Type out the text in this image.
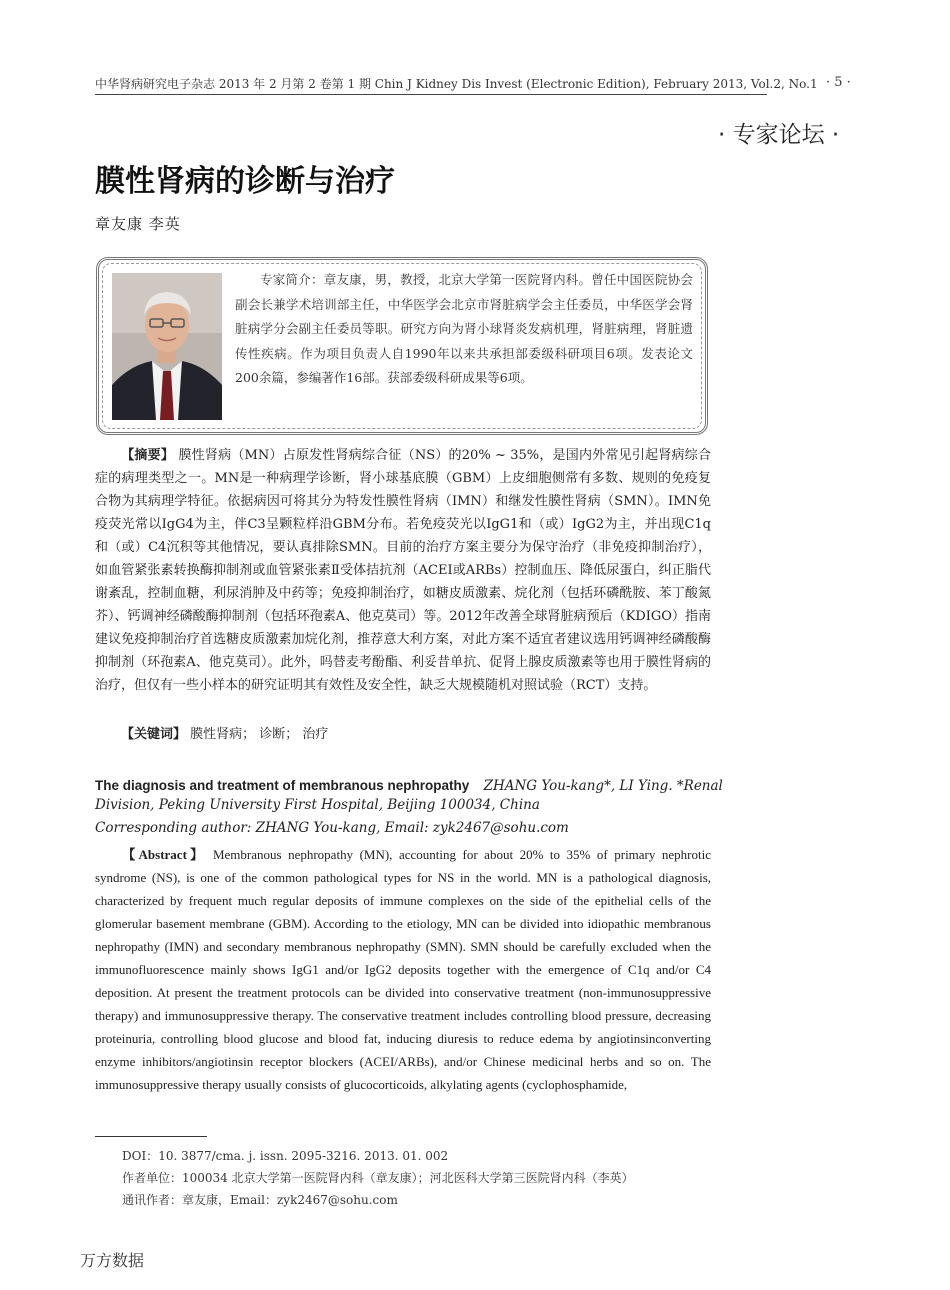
中华肾病研究电子杂志 2013 年 2 月第 2 卷第 1 期 Chin J Kidney Dis Invest (Electronic Edition), February 2013, Vol.2, No.1 · 5 ·
· 专家论坛 ·
膜性肾病的诊断与治疗
章友康 李英
专家简介：章友康，男，教授，北京大学第一医院肾内科。曾任中国医院协会副会长兼学术培训部主任，中华医学会北京市肾脏病学会主任委员，中华医学会肾脏病学分会副主任委员等职。研究方向为肾小球肾炎发病机理，肾脏病理，肾脏遗传性疾病。作为项目负责人自1990年以来共承担部委级科研项目6项。发表论文200余篇，参编著作16部。获部委级科研成果等6项。
【摘要】 膜性肾病（MN）占原发性肾病综合征（NS）的20% ~ 35%，是国内外常见引起肾病综合症的病理类型之一。MN是一种病理学诊断，肾小球基底膜（GBM）上皮细胞侧常有多数、规则的免疫复合物为其病理学特征。依据病因可将其分为特发性膜性肾病（IMN）和继发性膜性肾病（SMN）。IMN免疫荧光常以IgG4为主，伴C3呈颗粒样沿GBM分布。若免疫荧光以IgG1和（或）IgG2为主，并出现C1q和（或）C4沉积等其他情况，要认真排除SMN。目前的治疗方案主要分为保守治疗（非免疫抑制治疗），如血管紧张素转换酶抑制剂或血管紧张素Ⅱ受体拮抗剂（ACEI或ARBs）控制血压、降低尿蛋白，纠正脂代谢紊乱，控制血糖，利尿消肿及中药等；免疫抑制治疗，如糖皮质激素、烷化剂（包括环磷酰胺、苯丁酸氮芥）、钙调神经磷酸酶抑制剂（包括环孢素A、他克莫司）等。2012年改善全球肾脏病预后（KDIGO）指南建议免疫抑制治疗首选糖皮质激素加烷化剂，推荐意大利方案，对此方案不适宜者建议选用钙调神经磷酸酶抑制剂（环孢素A、他克莫司）。此外，吗替麦考酚酯、利妥昔单抗、促肾上腺皮质激素等也用于膜性肾病的治疗，但仅有一些小样本的研究证明其有效性及安全性，缺乏大规模随机对照试验（RCT）支持。
【关键词】 膜性肾病； 诊断； 治疗
The diagnosis and treatment of membranous nephropathy ZHANG You-kang*, LI Ying. *Renal
Division, Peking University First Hospital, Beijing 100034, China
Corresponding author: ZHANG You-kang, Email: zyk2467@sohu.com
【Abstract】 Membranous nephropathy (MN), accounting for about 20% to 35% of primary nephrotic syndrome (NS), is one of the common pathological types for NS in the world. MN is a pathological diagnosis, characterized by frequent much regular deposits of immune complexes on the side of the epithelial cells of the glomerular basement membrane (GBM). According to the etiology, MN can be divided into idiopathic membranous nephropathy (IMN) and secondary membranous nephropathy (SMN). SMN should be carefully excluded when the immunofluorescence mainly shows IgG1 and/or IgG2 deposits together with the emergence of C1q and/or C4 deposition. At present the treatment protocols can be divided into conservative treatment (non-immunosuppressive therapy) and immunosuppressive therapy. The conservative treatment includes controlling blood pressure, decreasing proteinuria, controlling blood glucose and blood fat, inducing diuresis to reduce edema by angiotinsinconverting enzyme inhibitors/angiotinsin receptor blockers (ACEI/ARBs), and/or Chinese medicinal herbs and so on. The immunosuppressive therapy usually consists of glucocorticoids, alkylating agents (cyclophosphamide,
DOI：10. 3877/cma. j. issn. 2095-3216. 2013. 01. 002
作者单位：100034 北京大学第一医院肾内科（章友康）；河北医科大学第三医院肾内科（李英）
通讯作者：章友康，Email：zyk2467@sohu.com
万方数据
